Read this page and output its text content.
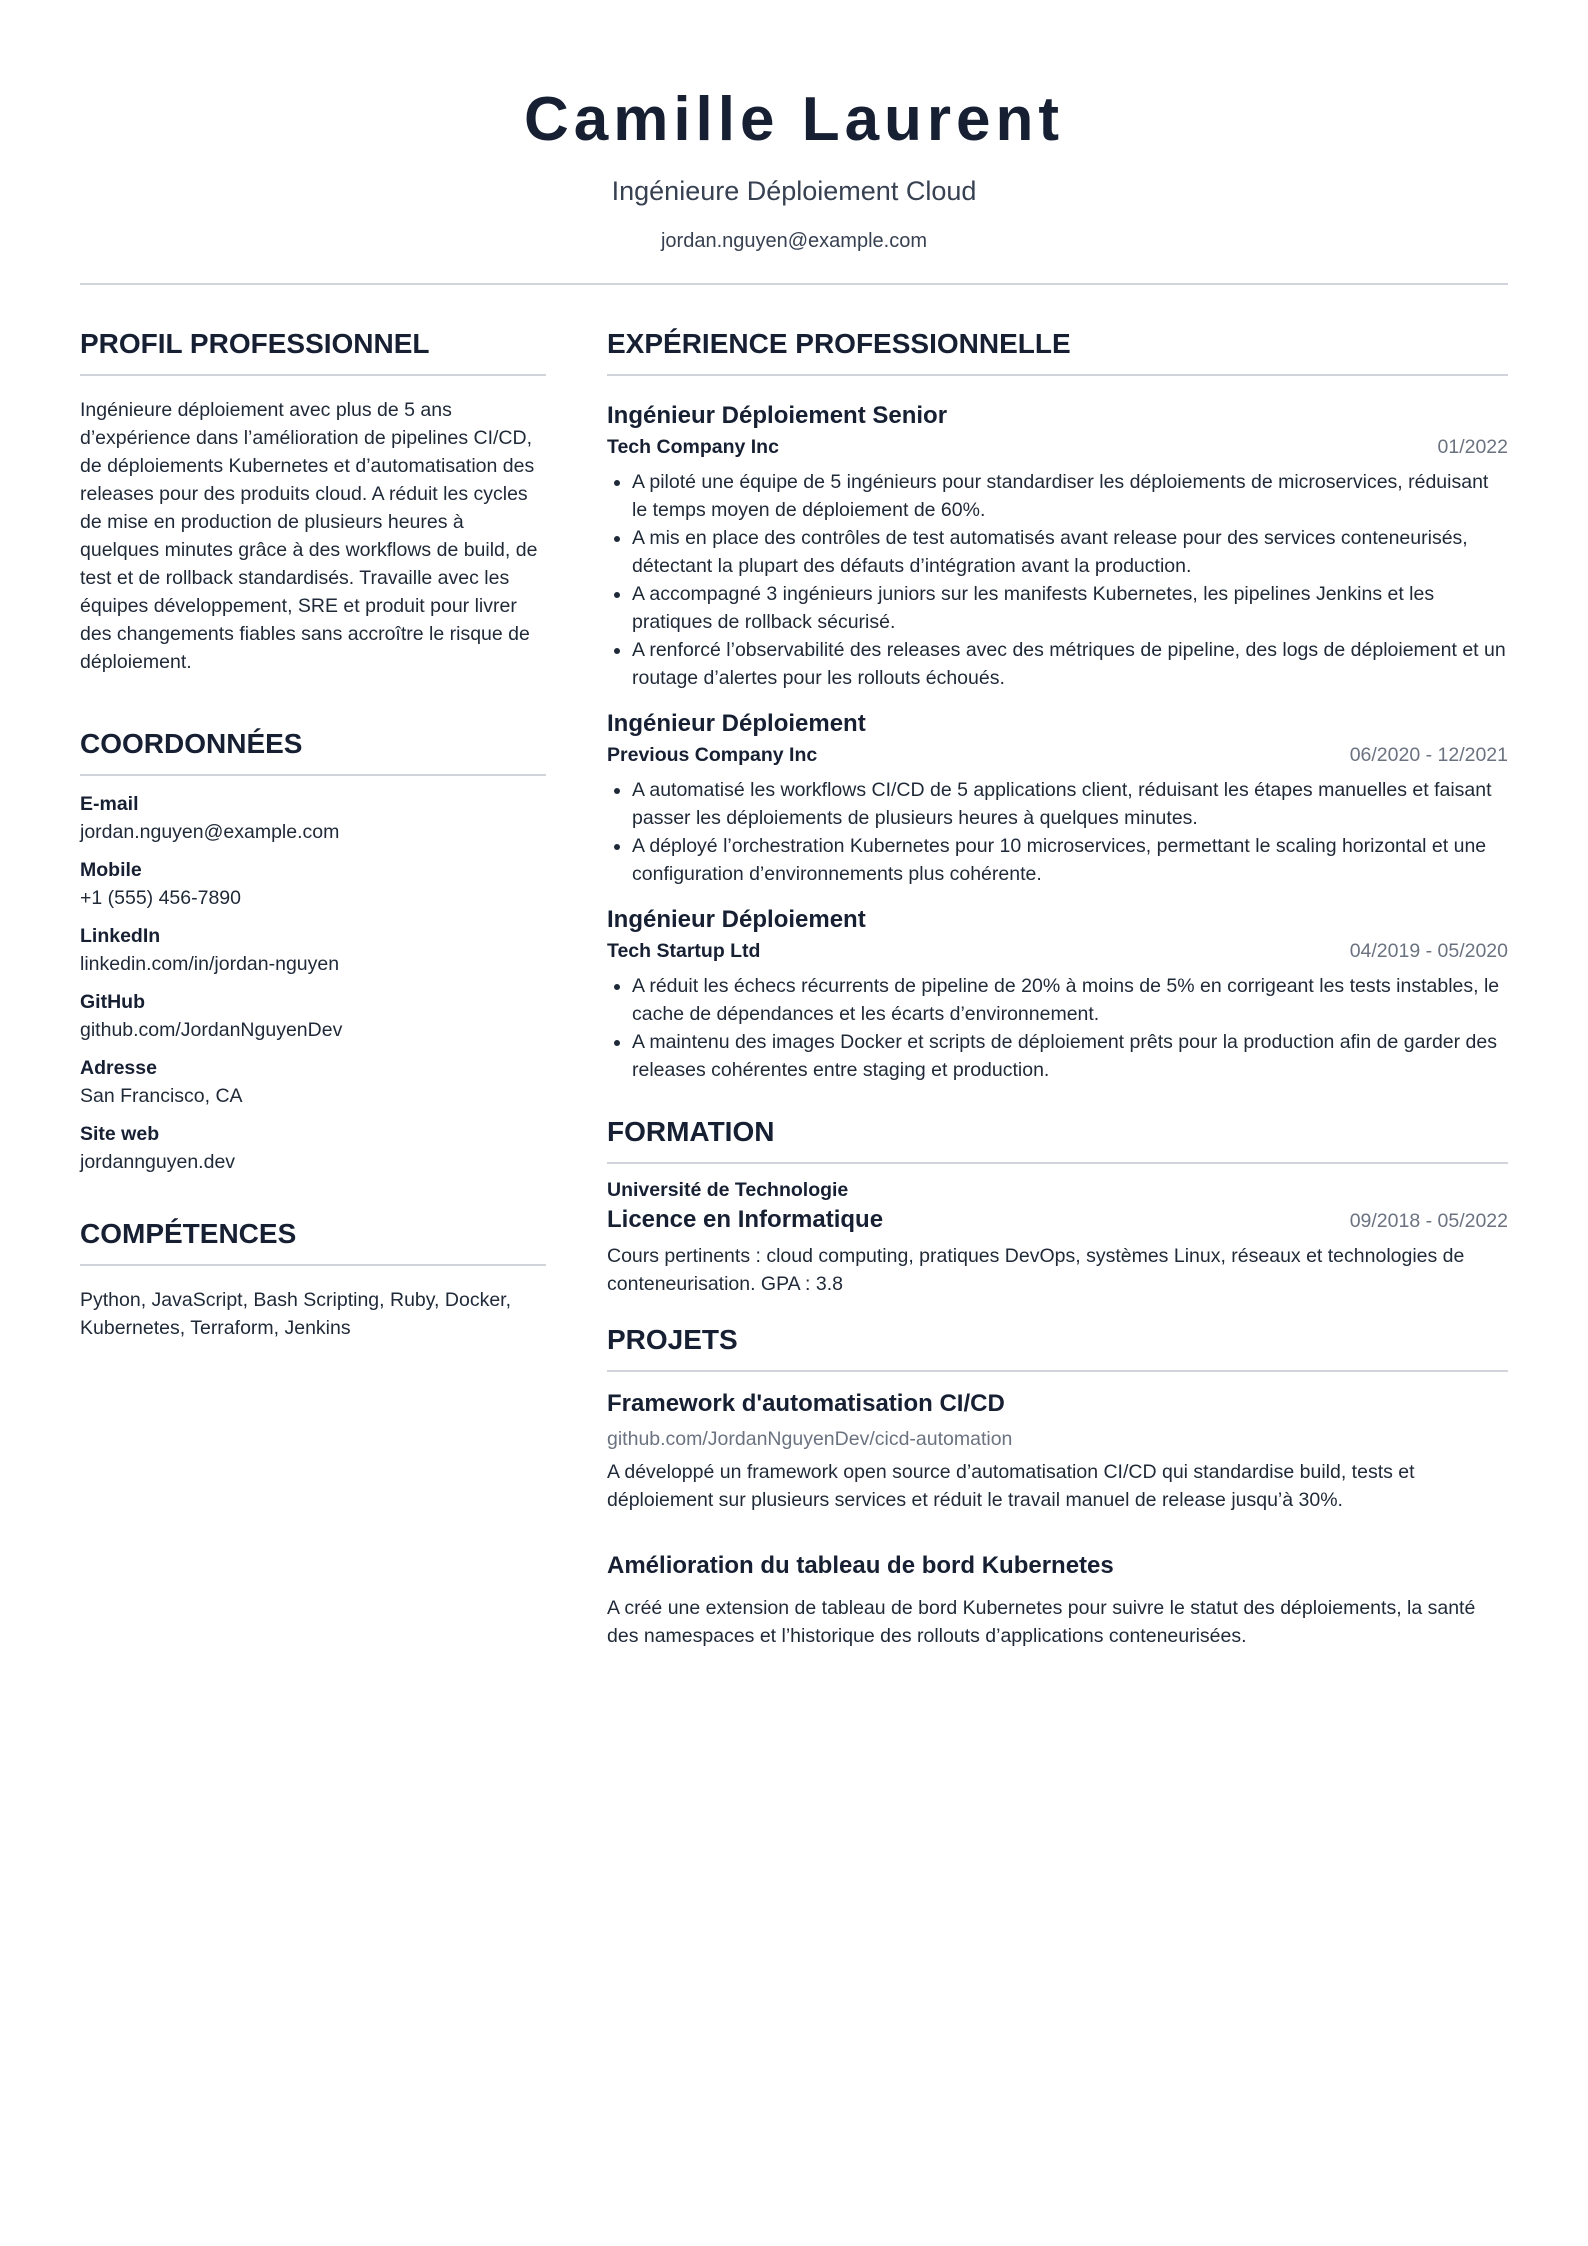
Camille Laurent
Ingénieure Déploiement Cloud
jordan.nguyen@example.com
PROFIL PROFESSIONNEL
Ingénieure déploiement avec plus de 5 ans d’expérience dans l’amélioration de pipelines CI/CD, de déploiements Kubernetes et d’automatisation des releases pour des produits cloud. A réduit les cycles de mise en production de plusieurs heures à quelques minutes grâce à des workflows de build, de test et de rollback standardisés. Travaille avec les équipes développement, SRE et produit pour livrer des changements fiables sans accroître le risque de déploiement.
COORDONNÉES
E-mail
jordan.nguyen@example.com
Mobile
+1 (555) 456-7890
LinkedIn
linkedin.com/in/jordan-nguyen
GitHub
github.com/JordanNguyenDev
Adresse
San Francisco, CA
Site web
jordannguyen.dev
COMPÉTENCES
Python, JavaScript, Bash Scripting, Ruby, Docker, Kubernetes, Terraform, Jenkins
EXPÉRIENCE PROFESSIONNELLE
Ingénieur Déploiement Senior
Tech Company Inc	01/2022
• A piloté une équipe de 5 ingénieurs pour standardiser les déploiements de microservices, réduisant le temps moyen de déploiement de 60%.
• A mis en place des contrôles de test automatisés avant release pour des services conteneurisés, détectant la plupart des défauts d’intégration avant la production.
• A accompagné 3 ingénieurs juniors sur les manifests Kubernetes, les pipelines Jenkins et les pratiques de rollback sécurisé.
• A renforcé l’observabilité des releases avec des métriques de pipeline, des logs de déploiement et un routage d’alertes pour les rollouts échoués.
Ingénieur Déploiement
Previous Company Inc	06/2020 - 12/2021
• A automatisé les workflows CI/CD de 5 applications client, réduisant les étapes manuelles et faisant passer les déploiements de plusieurs heures à quelques minutes.
• A déployé l’orchestration Kubernetes pour 10 microservices, permettant le scaling horizontal et une configuration d’environnements plus cohérente.
Ingénieur Déploiement
Tech Startup Ltd	04/2019 - 05/2020
• A réduit les échecs récurrents de pipeline de 20% à moins de 5% en corrigeant les tests instables, le cache de dépendances et les écarts d’environnement.
• A maintenu des images Docker et scripts de déploiement prêts pour la production afin de garder des releases cohérentes entre staging et production.
FORMATION
Université de Technologie
Licence en Informatique	09/2018 - 05/2022
Cours pertinents : cloud computing, pratiques DevOps, systèmes Linux, réseaux et technologies de conteneurisation. GPA : 3.8
PROJETS
Framework d'automatisation CI/CD
github.com/JordanNguyenDev/cicd-automation
A développé un framework open source d’automatisation CI/CD qui standardise build, tests et déploiement sur plusieurs services et réduit le travail manuel de release jusqu’à 30%.
Amélioration du tableau de bord Kubernetes
A créé une extension de tableau de bord Kubernetes pour suivre le statut des déploiements, la santé des namespaces et l’historique des rollouts d’applications conteneurisées.
